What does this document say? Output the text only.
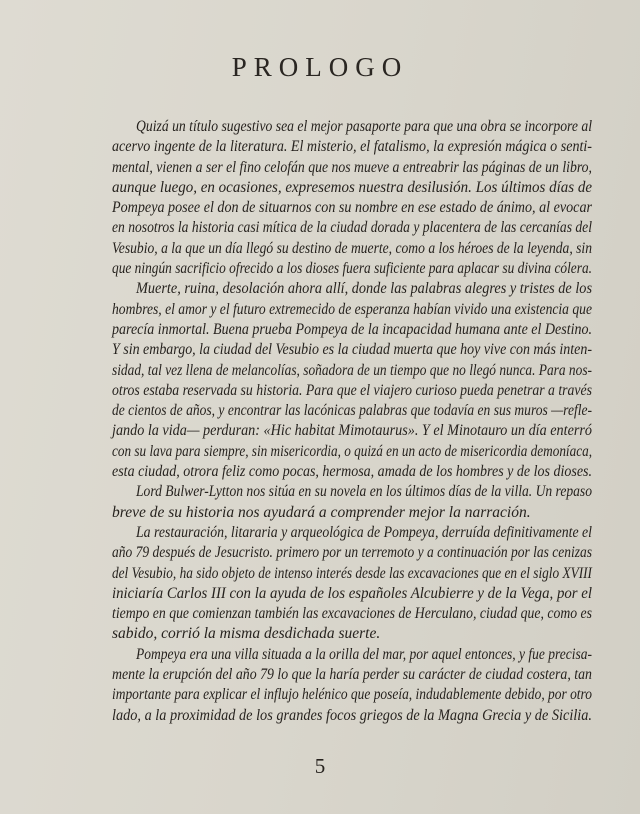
PROLOGO
Quizá un título sugestivo sea el mejor pasaporte para que una obra se incorpore al
acervo ingente de la literatura. El misterio, el fatalismo, la expresión mágica o senti-
mental, vienen a ser el fino celofán que nos mueve a entreabrir las páginas de un libro,
aunque luego, en ocasiones, expresemos nuestra desilusión. Los últimos días de
Pompeya posee el don de situarnos con su nombre en ese estado de ánimo, al evocar
en nosotros la historia casi mítica de la ciudad dorada y placentera de las cercanías del
Vesubio, a la que un día llegó su destino de muerte, como a los héroes de la leyenda, sin
que ningún sacrificio ofrecido a los dioses fuera suficiente para aplacar su divina cólera.

Muerte, ruina, desolación ahora allí, donde las palabras alegres y tristes de los
hombres, el amor y el futuro extremecido de esperanza habían vivido una existencia que
parecía inmortal. Buena prueba Pompeya de la incapacidad humana ante el Destino.
Y sin embargo, la ciudad del Vesubio es la ciudad muerta que hoy vive con más inten-
sidad, tal vez llena de melancolías, soñadora de un tiempo que no llegó nunca. Para nos-
otros estaba reservada su historia. Para que el viajero curioso pueda penetrar a través
de cientos de años, y encontrar las lacónicas palabras que todavía en sus muros —refle-
jando la vida— perduran: «Hic habitat Mimotaurus». Y el Minotauro un día enterró
con su lava para siempre, sin misericordia, o quizá en un acto de misericordia demoníaca,
esta ciudad, otrora feliz como pocas, hermosa, amada de los hombres y de los dioses.

Lord Bulwer-Lytton nos sitúa en su novela en los últimos días de la villa. Un repaso
breve de su historia nos ayudará a comprender mejor la narración.

La restauración, litararia y arqueológica de Pompeya, derruída definitivamente el
año 79 después de Jesucristo. primero por un terremoto y a continuación por las cenizas
del Vesubio, ha sido objeto de intenso interés desde las excavaciones que en el siglo XVIII
iniciaría Carlos III con la ayuda de los españoles Alcubierre y de la Vega, por el
tiempo en que comienzan también las excavaciones de Herculano, ciudad que, como es
sabido, corrió la misma desdichada suerte.

Pompeya era una villa situada a la orilla del mar, por aquel entonces, y fue precisa-
mente la erupción del año 79 lo que la haría perder su carácter de ciudad costera, tan
importante para explicar el influjo helénico que poseía, indudablemente debido, por otro
lado, a la proximidad de los grandes focos griegos de la Magna Grecia y de Sicilia.

5
